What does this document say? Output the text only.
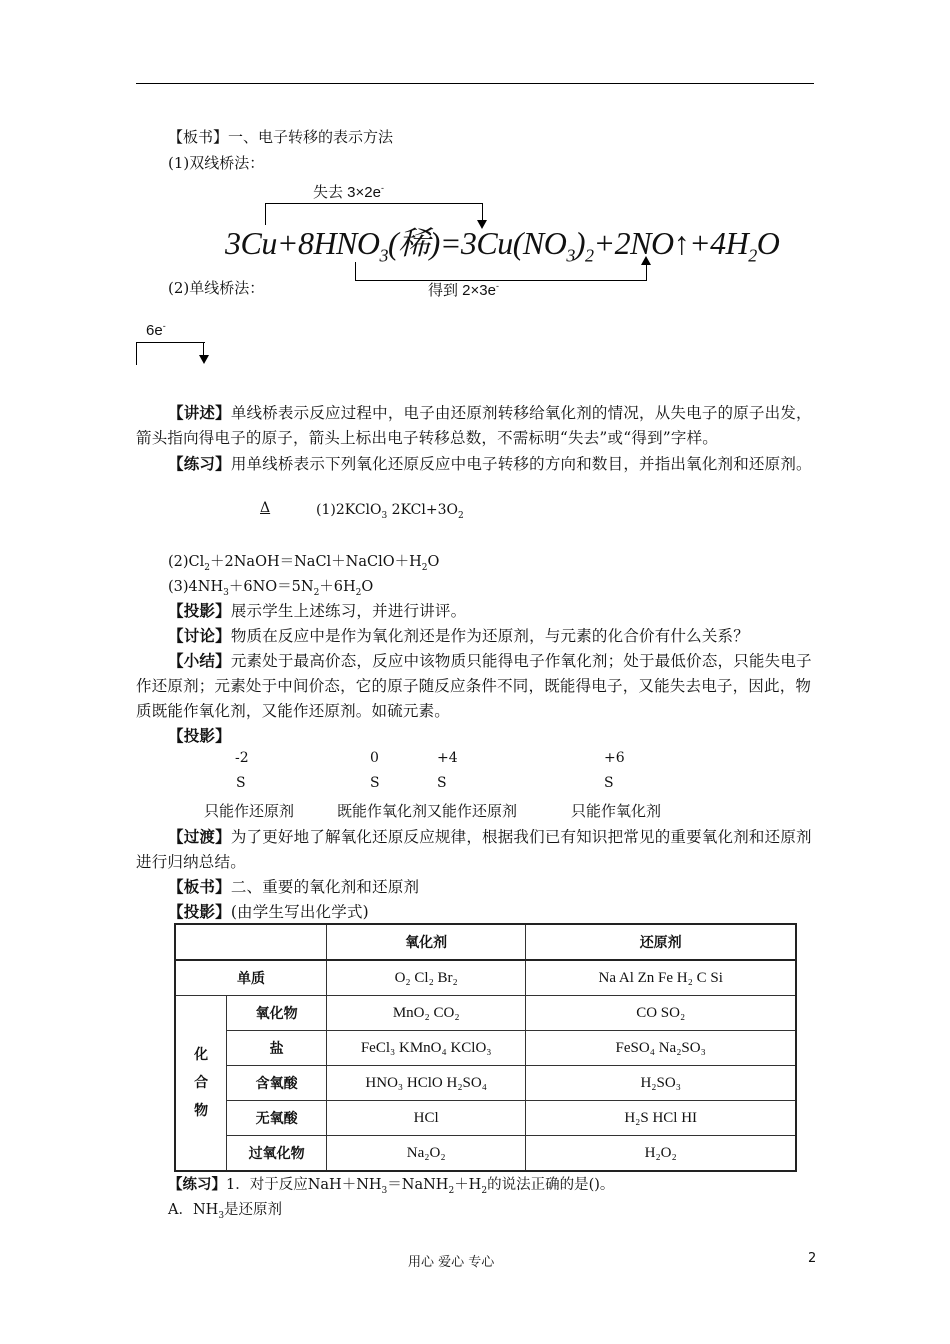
【板书】一、电子转移的表示方法
(1)双线桥法：
失去 3×2e-
$3Cu+8HNO_3$(稀)$=3Cu(NO_3)_2+2NO↑+4H_2O$
得到 2×3e-
(2)单线桥法：
6e-
【讲述】单线桥表示反应过程中，电子由还原剂转移给氧化剂的情况，从失电子的原子出发，箭头指向得电子的原子，箭头上标出电子转移总数，不需标明“失去”或“得到”字样。
【练习】用单线桥表示下列氧化还原反应中电子转移的方向和数目，并指出氧化剂和还原剂。
Δ	(1)2KClO$_3$ $2KCl+3O_2$
$(2)Cl_2+2NaOH=NaCl+NaClO+H_2O$
$(3)4NH_3+6NO=5N_2+6H_2O$
【投影】展示学生上述练习，并进行讲评。
【讨论】物质在反应中是作为氧化剂还是作为还原剂，与元素的化合价有什么关系？
【小结】元素处于最高价态，反应中该物质只能得电子作氧化剂；处于最低价态，只能失电子作还原剂；元素处于中间价态，它的原子随反应条件不同，既能得电子，又能失去电子，因此，物质既能作氧化剂，又能作还原剂。如硫元素。
【投影】
-2	0	+4	+6
S	S	S	S
只能作还原剂	既能作氧化剂又能作还原剂	只能作氧化剂
【过渡】为了更好地了解氧化还原反应规律，根据我们已有知识把常见的重要氧化剂和还原剂进行归纳总结。
【板书】二、重要的氧化剂和还原剂
【投影】(由学生写出化学式)
		氧化剂	还原剂
单质		O₂ Cl₂ Br₂	Na Al Zn Fe H₂ C Si

化
合
物	氧化物	MnO₂ CO₂	CO SO₂
	盐	FeCl₃ KMnO₄ KClO₃	FeSO₄ Na₂SO₃
	含氧酸	HNO₃ HClO H₂SO₄	H₂SO₃
	无氧酸	HCl	H₂S HCl HI
	过氧化物	Na₂O₂	H₂O₂
【练习】1．对于反应$NaH+NH_3=NaNH_2+H_2$的说法正确的是()。
A．$NH_3$是还原剂
用心 爱心 专心	2
